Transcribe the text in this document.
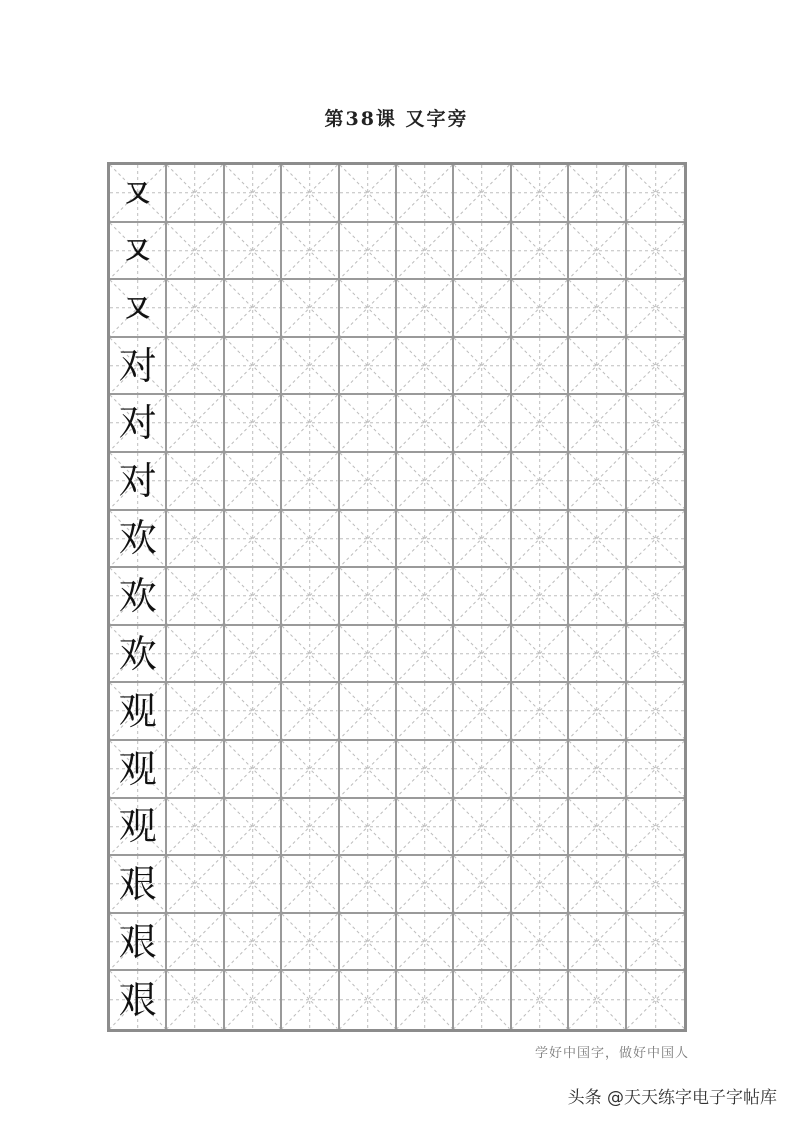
第38课 又字旁
又
又
又
对
对
对
欢
欢
欢
观
观
观
艰
艰
艰
学好中国字，做好中国人
头条 @天天练字电子字帖库
